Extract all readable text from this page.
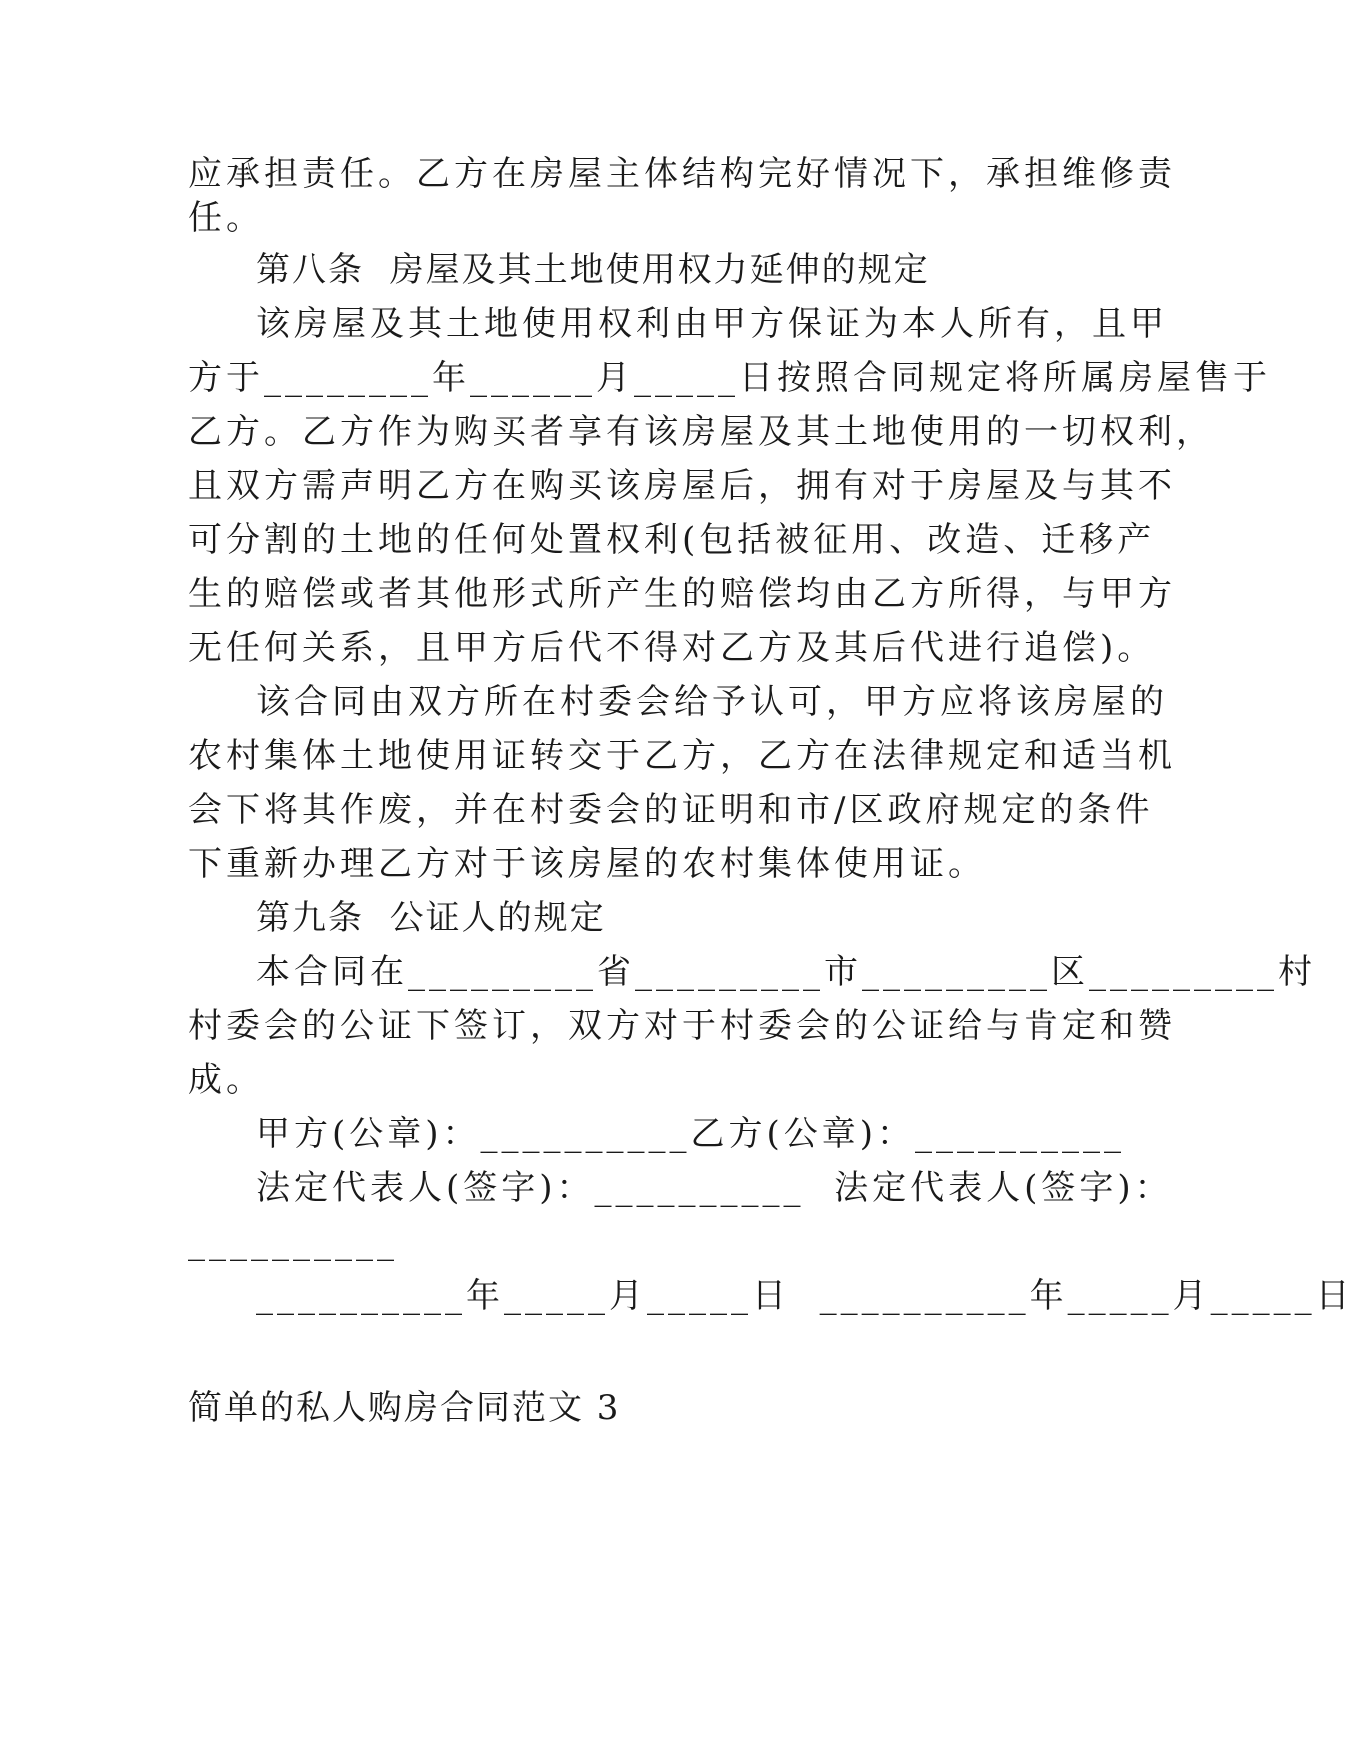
应承担责任。乙方在房屋主体结构完好情况下，承担维修责
任。
第八条  房屋及其土地使用权力延伸的规定
该房屋及其土地使用权利由甲方保证为本人所有，且甲
方于________年______月_____日按照合同规定将所属房屋售于
乙方。乙方作为购买者享有该房屋及其土地使用的一切权利，
且双方需声明乙方在购买该房屋后，拥有对于房屋及与其不
可分割的土地的任何处置权利(包括被征用、改造、迁移产
生的赔偿或者其他形式所产生的赔偿均由乙方所得，与甲方
无任何关系，且甲方后代不得对乙方及其后代进行追偿)。
该合同由双方所在村委会给予认可，甲方应将该房屋的
农村集体土地使用证转交于乙方，乙方在法律规定和适当机
会下将其作废，并在村委会的证明和市/区政府规定的条件
下重新办理乙方对于该房屋的农村集体使用证。
第九条  公证人的规定
本合同在_________省_________市_________区_________村
村委会的公证下签订，双方对于村委会的公证给与肯定和赞
成。
甲方(公章)：__________乙方(公章)：__________
法定代表人(签字)：__________  法定代表人(签字)：
__________
__________年_____月_____日  __________年_____月_____日
简单的私人购房合同范文 3
